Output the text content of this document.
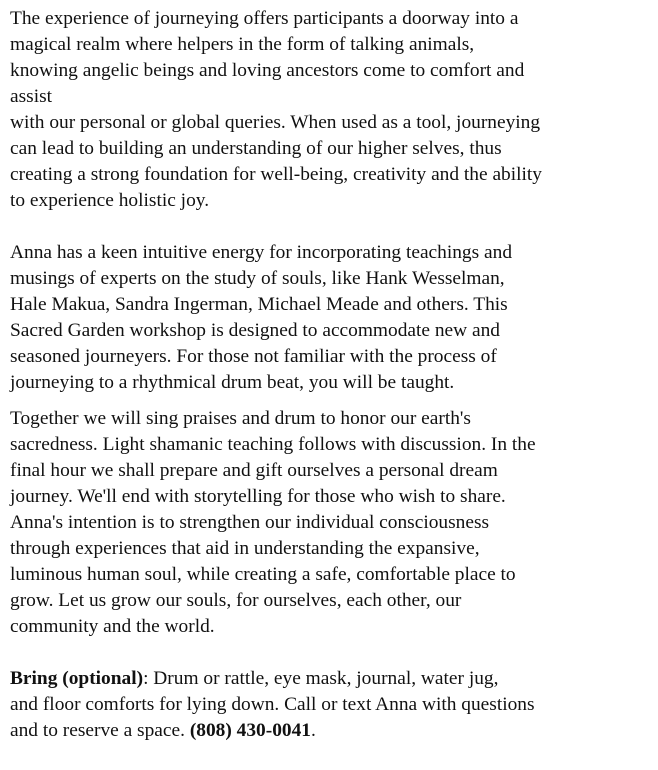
The experience of journeying offers participants a doorway into a
magical realm where helpers in the form of talking animals,
knowing angelic beings and loving ancestors come to comfort and
assist
with our personal or global queries. When used as a tool, journeying
can lead to building an understanding of our higher selves, thus
creating a strong foundation for well-being, creativity and the ability
to experience holistic joy.
Anna has a keen intuitive energy for incorporating teachings and
musings of experts on the study of souls, like Hank Wesselman,
Hale Makua, Sandra Ingerman, Michael Meade and others. This
Sacred Garden workshop is designed to accommodate new and
seasoned journeyers. For those not familiar with the process of
journeying to a rhythmical drum beat, you will be taught.
Together we will sing praises and drum to honor our earth's
sacredness. Light shamanic teaching follows with discussion. In the
final hour we shall prepare and gift ourselves a personal dream
journey. We'll end with storytelling for those who wish to share.
Anna's intention is to strengthen our individual consciousness
through experiences that aid in understanding the expansive,
luminous human soul, while creating a safe, comfortable place to
grow. Let us grow our souls, for ourselves, each other, our
community and the world.
Bring (optional): Drum or rattle, eye mask, journal, water jug,
and floor comforts for lying down. Call or text Anna with questions
and to reserve a space. (808) 430-0041.
